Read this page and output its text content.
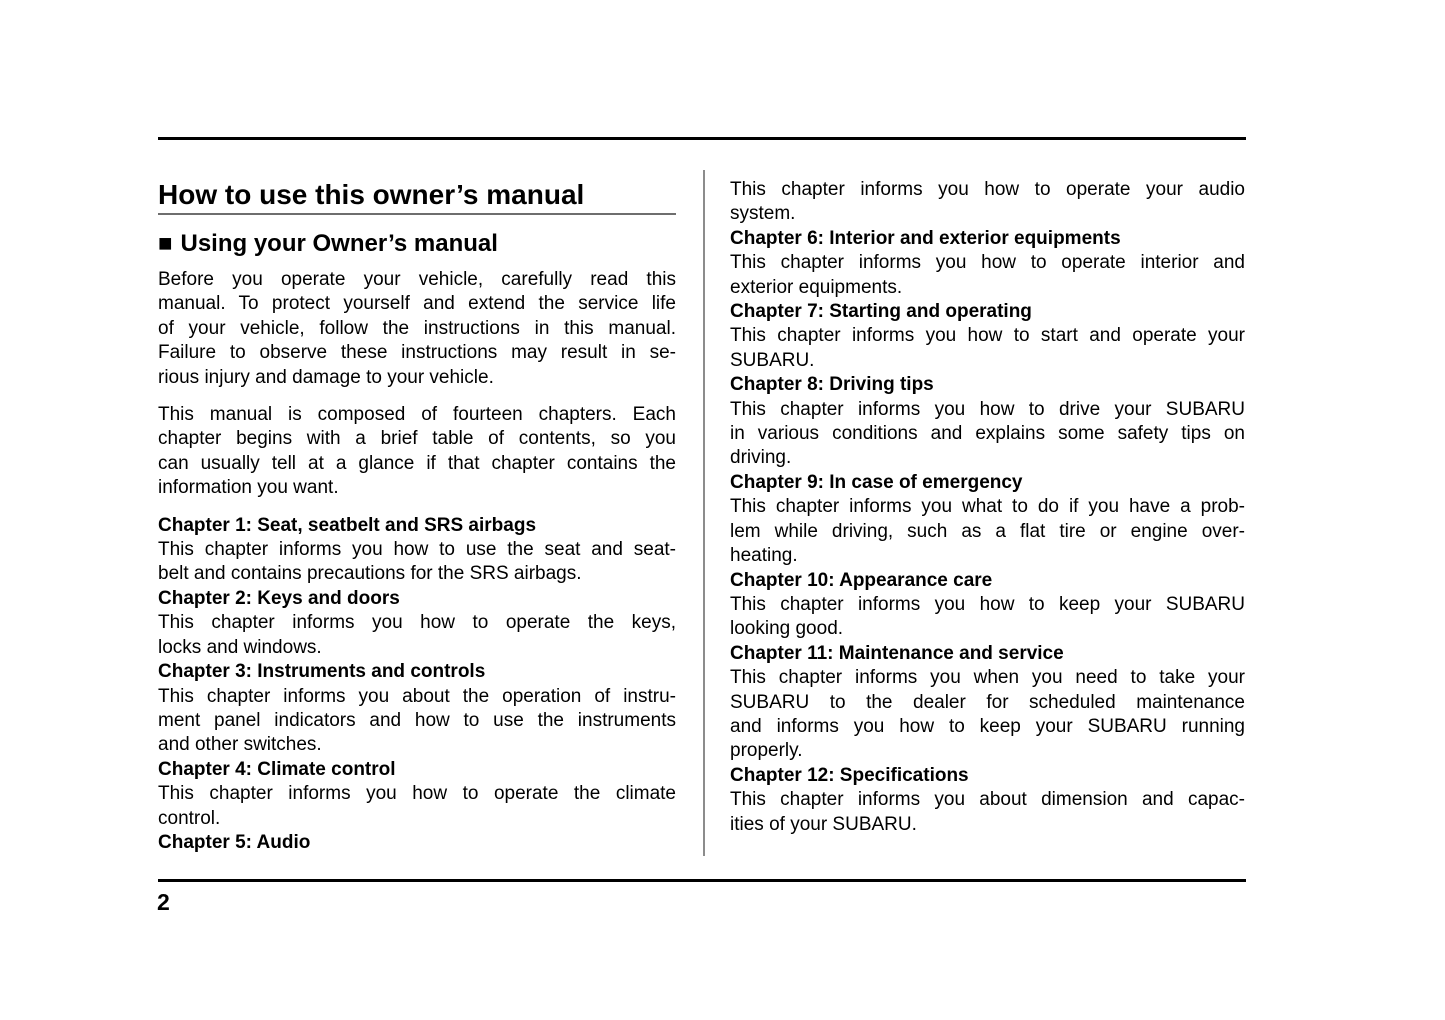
How to use this owner’s manual
■ Using your Owner’s manual
Before you operate your vehicle, carefully read this
manual. To protect yourself and extend the service life
of your vehicle, follow the instructions in this manual.
Failure to observe these instructions may result in se-
rious injury and damage to your vehicle.
This manual is composed of fourteen chapters. Each
chapter begins with a brief table of contents, so you
can usually tell at a glance if that chapter contains the
information you want.
Chapter 1: Seat, seatbelt and SRS airbags
This chapter informs you how to use the seat and seat-
belt and contains precautions for the SRS airbags.
Chapter 2: Keys and doors
This chapter informs you how to operate the keys,
locks and windows.
Chapter 3: Instruments and controls
This chapter informs you about the operation of instru-
ment panel indicators and how to use the instruments
and other switches.
Chapter 4: Climate control
This chapter informs you how to operate the climate
control.
Chapter 5: Audio
This chapter informs you how to operate your audio
system.
Chapter 6: Interior and exterior equipments
This chapter informs you how to operate interior and
exterior equipments.
Chapter 7: Starting and operating
This chapter informs you how to start and operate your
SUBARU.
Chapter 8: Driving tips
This chapter informs you how to drive your SUBARU
in various conditions and explains some safety tips on
driving.
Chapter 9: In case of emergency
This chapter informs you what to do if you have a prob-
lem while driving, such as a flat tire or engine over-
heating.
Chapter 10: Appearance care
This chapter informs you how to keep your SUBARU
looking good.
Chapter 11: Maintenance and service
This chapter informs you when you need to take your
SUBARU to the dealer for scheduled maintenance
and informs you how to keep your SUBARU running
properly.
Chapter 12: Specifications
This chapter informs you about dimension and capac-
ities of your SUBARU.
2
